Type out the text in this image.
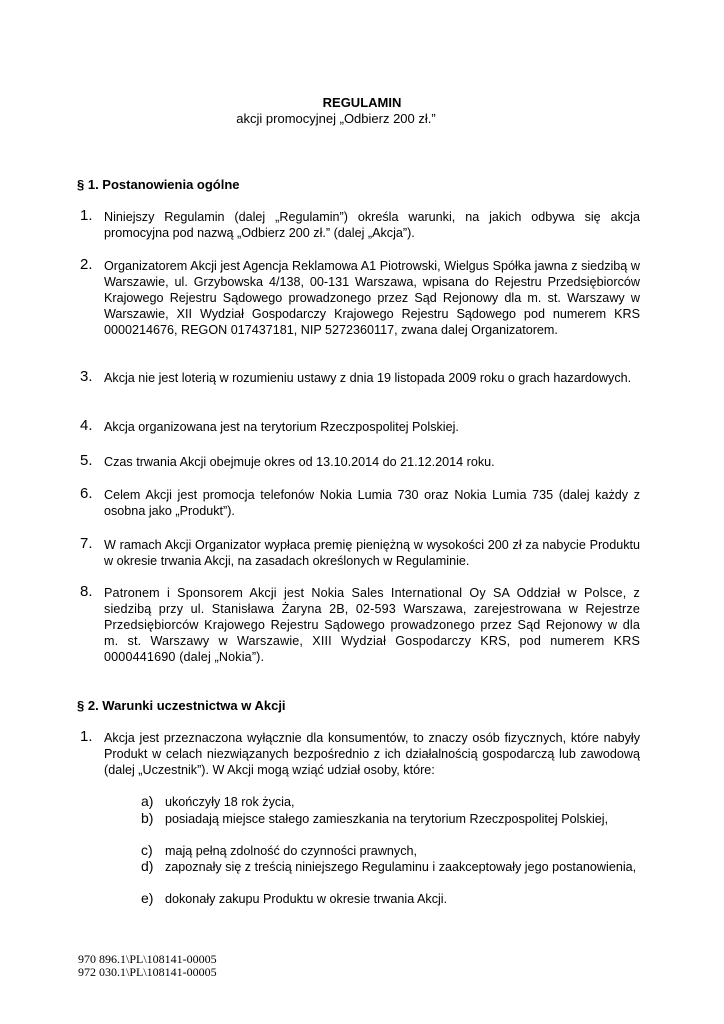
REGULAMIN
akcji promocyjnej „Odbierz 200 zł.”
§ 1. Postanowienia ogólne
1. Niniejszy Regulamin (dalej „Regulamin”) określa warunki, na jakich odbywa się akcja promocyjna pod nazwą „Odbierz 200 zł.” (dalej „Akcja”).
2. Organizatorem Akcji jest Agencja Reklamowa A1 Piotrowski, Wielgus Spółka jawna z siedzibą w Warszawie, ul. Grzybowska 4/138, 00-131 Warszawa, wpisana do Rejestru Przedsiębiorców Krajowego Rejestru Sądowego prowadzonego przez Sąd Rejonowy dla m. st. Warszawy w Warszawie, XII Wydział Gospodarczy Krajowego Rejestru Sądowego pod numerem KRS 0000214676, REGON 017437181, NIP 5272360117, zwana dalej Organizatorem.
3. Akcja nie jest loterią w rozumieniu ustawy z dnia 19 listopada 2009 roku o grach hazardowych.
4. Akcja organizowana jest na terytorium Rzeczpospolitej Polskiej.
5. Czas trwania Akcji obejmuje okres od 13.10.2014 do 21.12.2014 roku.
6. Celem Akcji jest promocja telefonów Nokia Lumia 730 oraz Nokia Lumia 735 (dalej każdy z osobna jako „Produkt”).
7. W ramach Akcji Organizator wypłaca premię pieniężną w wysokości 200 zł za nabycie Produktu w okresie trwania Akcji, na zasadach określonych w Regulaminie.
8. Patronem i Sponsorem Akcji jest Nokia Sales International Oy SA Oddział w Polsce, z siedzibą przy ul. Stanisława Żaryna 2B, 02-593 Warszawa, zarejestrowana w Rejestrze Przedsiębiorców Krajowego Rejestru Sądowego prowadzonego przez Sąd Rejonowy w dla m. st. Warszawy w Warszawie, XIII Wydział Gospodarczy KRS, pod numerem KRS 0000441690 (dalej „Nokia”).
§ 2. Warunki uczestnictwa w Akcji
1. Akcja jest przeznaczona wyłącznie dla konsumentów, to znaczy osób fizycznych, które nabyły Produkt w celach niezwiązanych bezpośrednio z ich działalnością gospodarczą lub zawodową (dalej „Uczestnik”). W Akcji mogą wziąć udział osoby, które:
a) ukończyły 18 rok życia,
b) posiadają miejsce stałego zamieszkania na terytorium Rzeczpospolitej Polskiej,
c) mają pełną zdolność do czynności prawnych,
d) zapoznały się z treścią niniejszego Regulaminu i zaakceptowały jego postanowienia,
e) dokonały zakupu Produktu w okresie trwania Akcji.
970 896.1\PL\108141-00005
972 030.1\PL\108141-00005
